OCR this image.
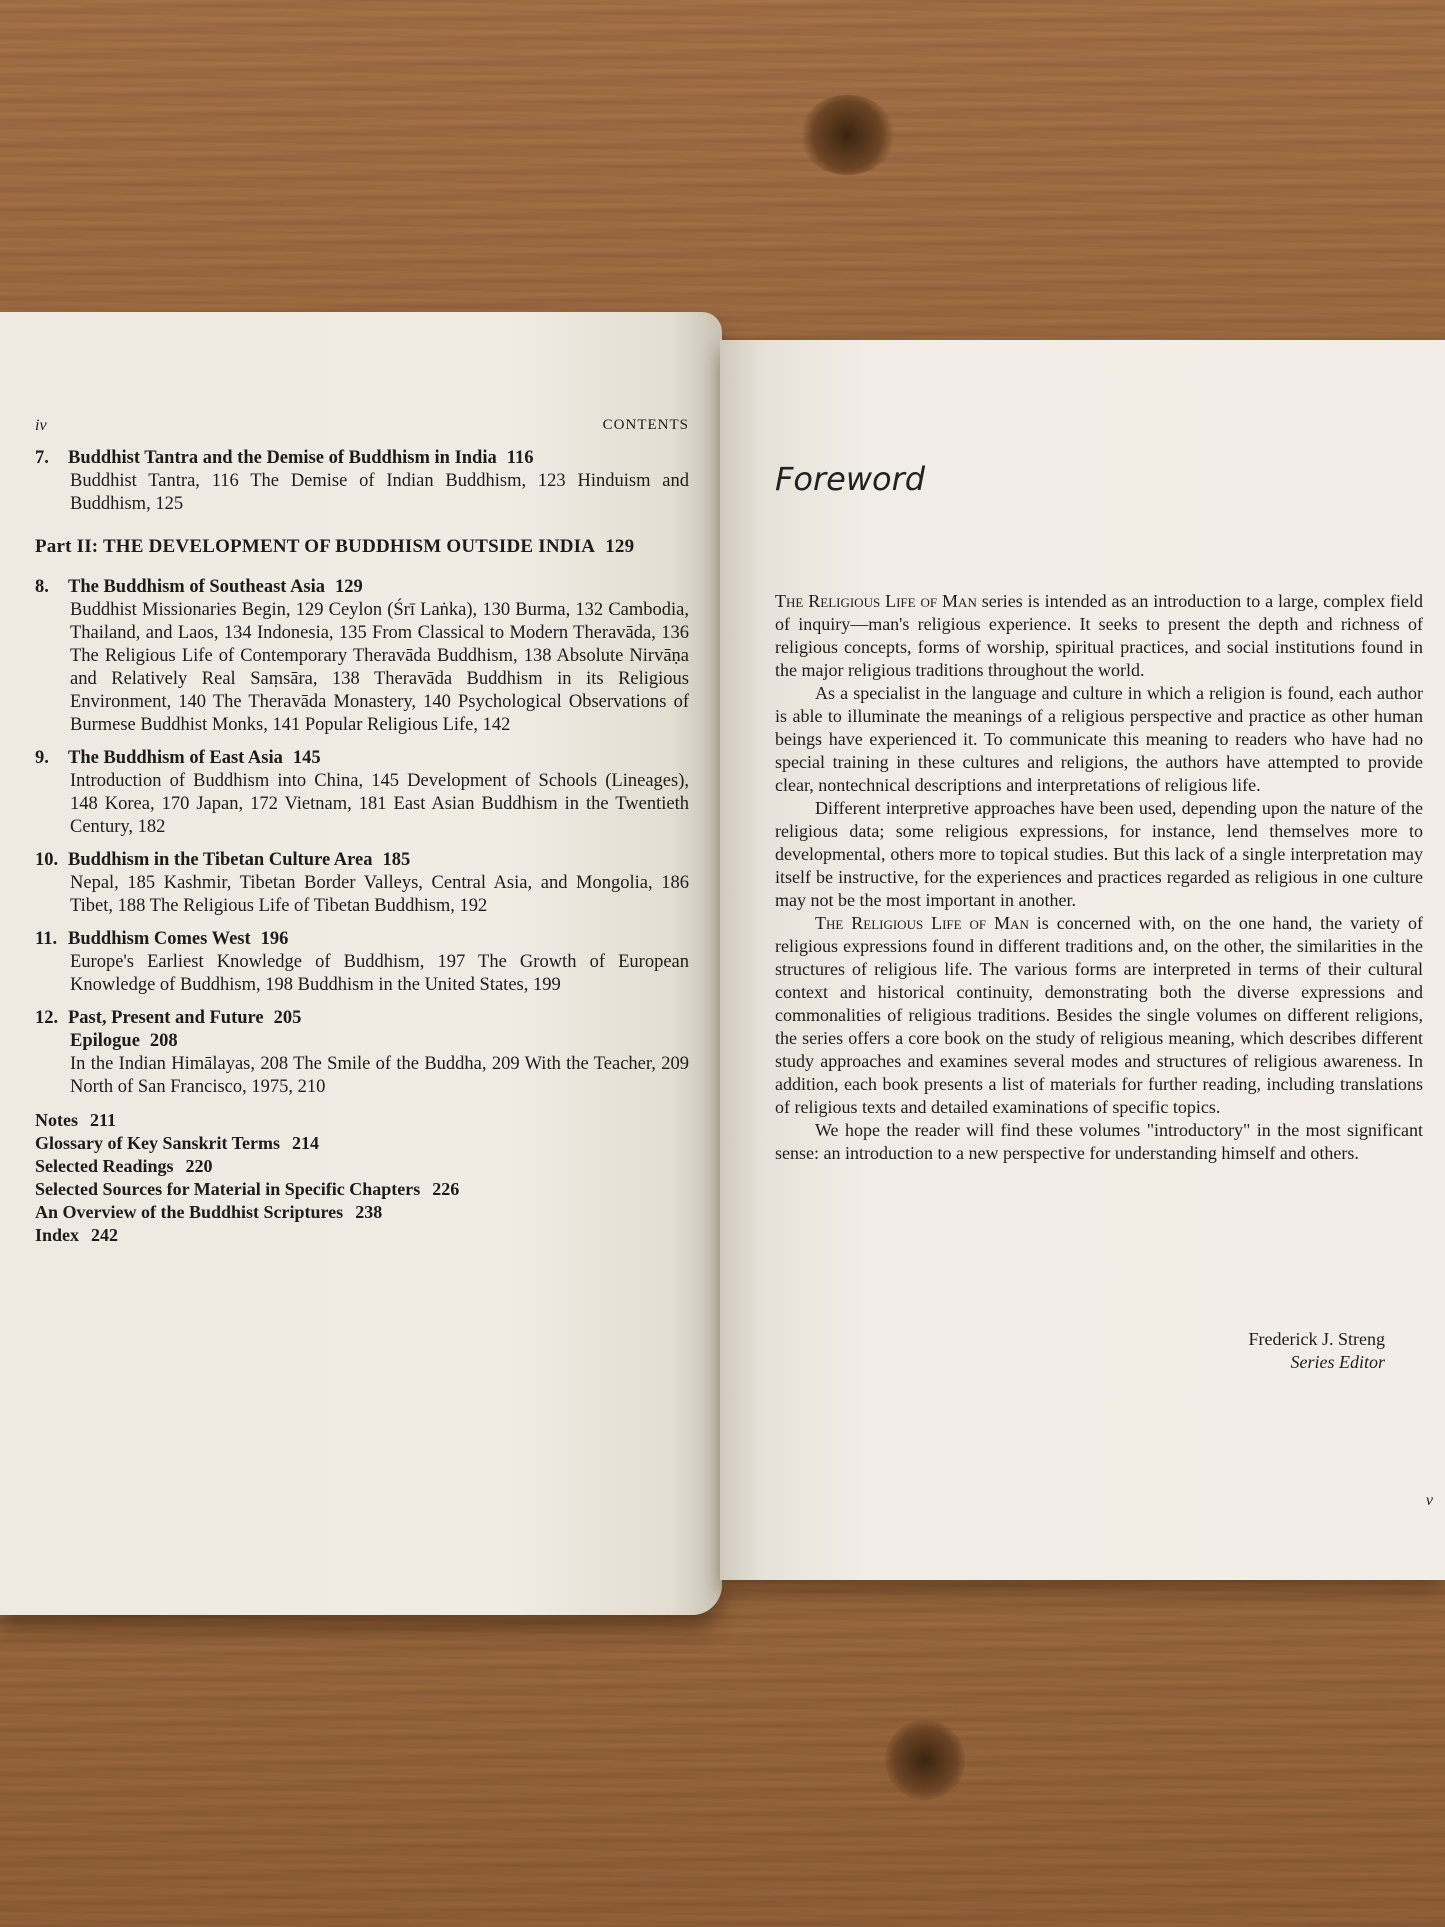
iv	CONTENTS
7. Buddhist Tantra and the Demise of Buddhism in India 116
Buddhist Tantra, 116 The Demise of Indian Buddhism, 123 Hinduism and Buddhism, 125
Part II: THE DEVELOPMENT OF BUDDHISM OUTSIDE INDIA 129
8. The Buddhism of Southeast Asia 129
Buddhist Missionaries Begin, 129 Ceylon (Śrī Laṅka), 130 Burma, 132 Cambodia, Thailand, and Laos, 134 Indonesia, 135 From Classical to Modern Theravāda, 136 The Religious Life of Contemporary Theravāda Buddhism, 138 Absolute Nirvāṇa and Relatively Real Saṃsāra, 138 Theravāda Buddhism in its Religious Environment, 140 The Theravāda Monastery, 140 Psychological Observations of Burmese Buddhist Monks, 141 Popular Religious Life, 142
9. The Buddhism of East Asia 145
Introduction of Buddhism into China, 145 Development of Schools (Lineages), 148 Korea, 170 Japan, 172 Vietnam, 181 East Asian Buddhism in the Twentieth Century, 182
10. Buddhism in the Tibetan Culture Area 185
Nepal, 185 Kashmir, Tibetan Border Valleys, Central Asia, and Mongolia, 186 Tibet, 188 The Religious Life of Tibetan Buddhism, 192
11. Buddhism Comes West 196
Europe's Earliest Knowledge of Buddhism, 197 The Growth of European Knowledge of Buddhism, 198 Buddhism in the United States, 199
12. Past, Present and Future 205
Epilogue 208
In the Indian Himālayas, 208 The Smile of the Buddha, 209 With the Teacher, 209 North of San Francisco, 1975, 210
Notes 211
Glossary of Key Sanskrit Terms 214
Selected Readings 220
Selected Sources for Material in Specific Chapters 226
An Overview of the Buddhist Scriptures 238
Index 242
Foreword

The Religious Life of Man series is intended as an introduction to a large, complex field of inquiry—man's religious experience. It seeks to present the depth and richness of religious concepts, forms of worship, spiritual practices, and social institutions found in the major religious traditions throughout the world.

As a specialist in the language and culture in which a religion is found, each author is able to illuminate the meanings of a religious perspective and practice as other human beings have experienced it. To communicate this meaning to readers who have had no special training in these cultures and religions, the authors have attempted to provide clear, nontechnical descriptions and interpretations of religious life.

Different interpretive approaches have been used, depending upon the nature of the religious data; some religious expressions, for instance, lend themselves more to developmental, others more to topical studies. But this lack of a single interpretation may itself be instructive, for the experiences and practices regarded as religious in one culture may not be the most important in another.

The Religious Life of Man is concerned with, on the one hand, the variety of religious expressions found in different traditions and, on the other, the similarities in the structures of religious life. The various forms are interpreted in terms of their cultural context and historical continuity, demonstrating both the diverse expressions and commonalities of religious traditions. Besides the single volumes on different religions, the series offers a core book on the study of religious meaning, which describes different study approaches and examines several modes and structures of religious awareness. In addition, each book presents a list of materials for further reading, including translations of religious texts and detailed examinations of specific topics.

We hope the reader will find these volumes "introductory" in the most significant sense: an introduction to a new perspective for understanding himself and others.

Frederick J. Streng
Series Editor
v
